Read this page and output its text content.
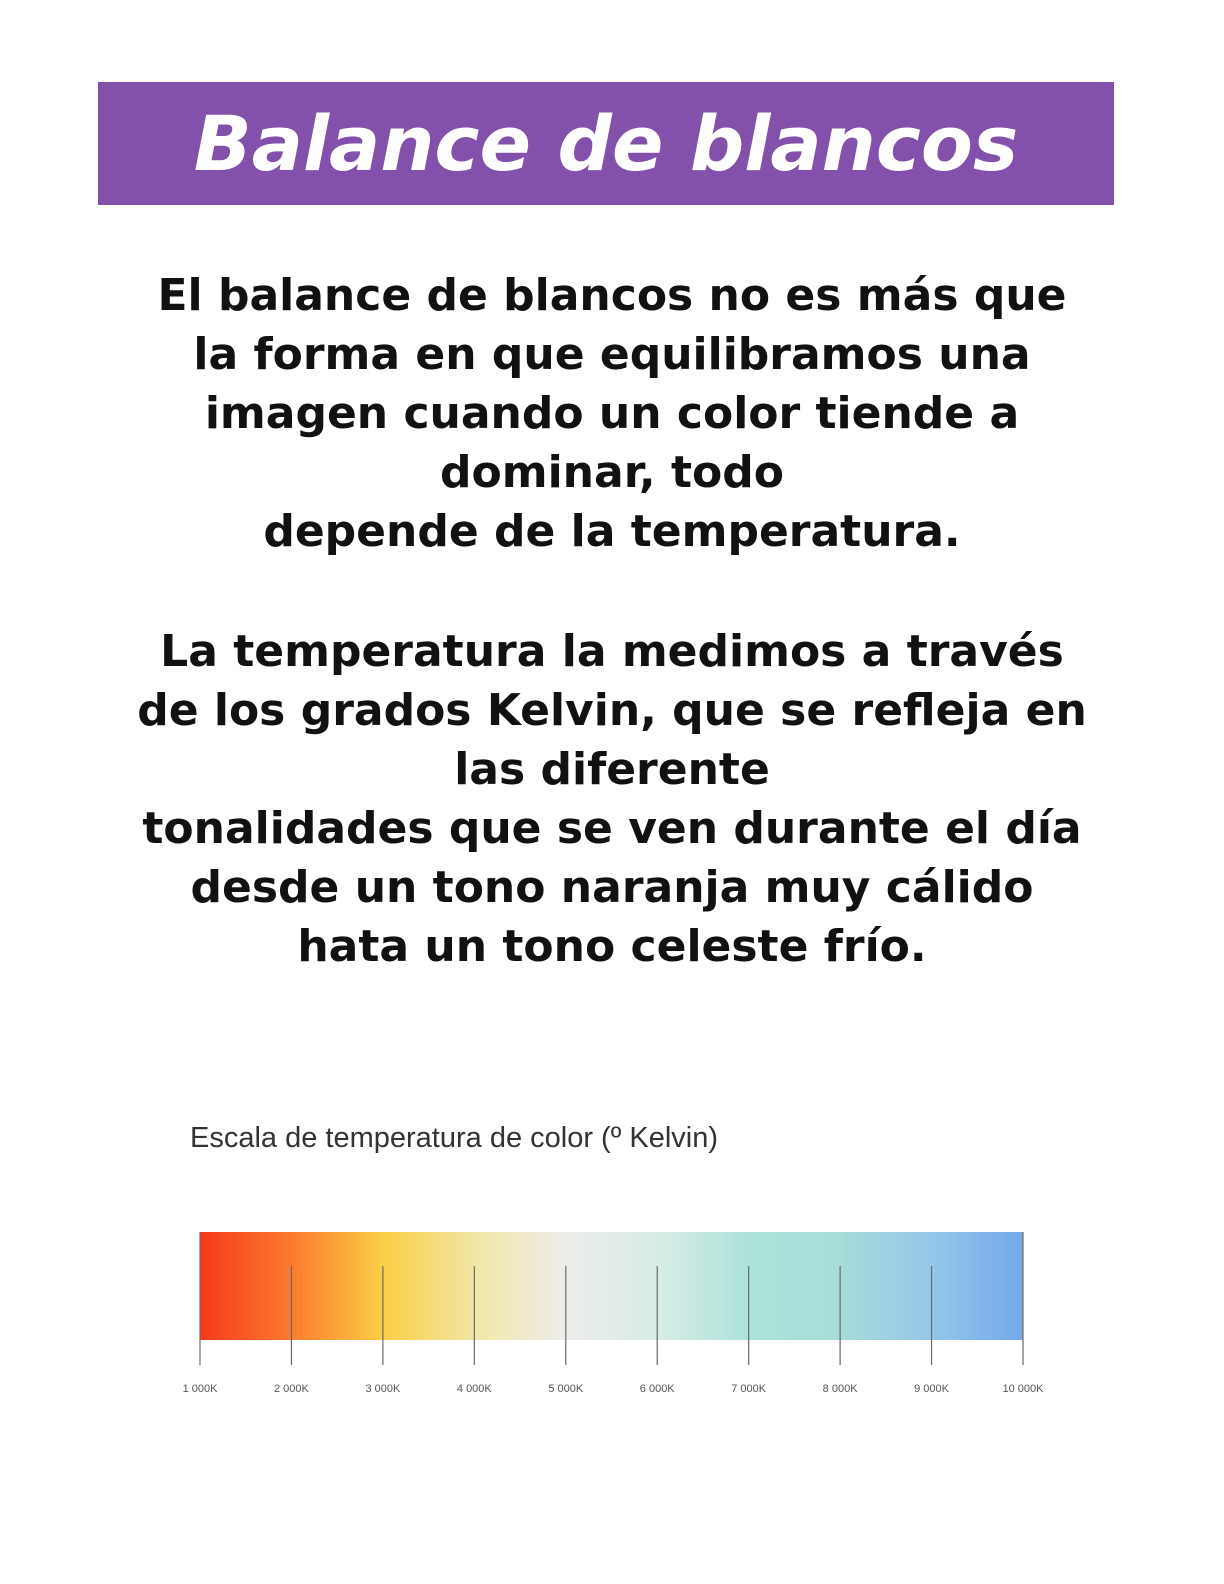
Balance de blancos
El balance de blancos no es más que
la forma en que equilibramos una
imagen cuando un color tiende a
dominar, todo
depende de la temperatura.
La temperatura la medimos a través
de los grados Kelvin, que se refleja en
las diferente
tonalidades que se ven durante el día
desde un tono naranja muy cálido
hata un tono celeste frío.
Escala de temperatura de color (º Kelvin)
1 000K	2 000K	3 000K	4 000K	5 000K	6 000K	7 000K	8 000K	9 000K	10 000K
